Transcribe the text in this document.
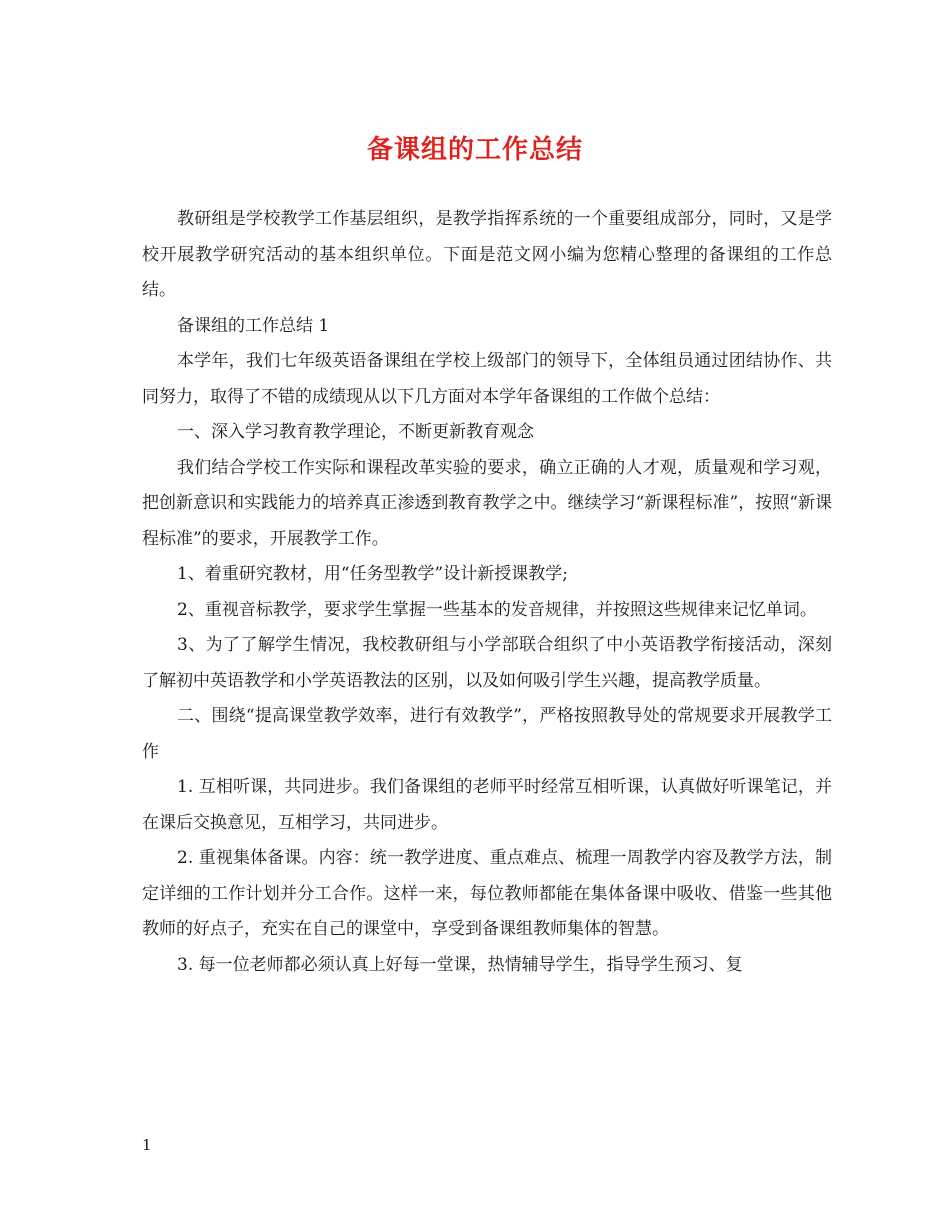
备课组的工作总结

教研组是学校教学工作基层组织，是教学指挥系统的一个重要组成部分，同时，又是学校开展教学研究活动的基本组织单位。下面是范文网小编为您精心整理的备课组的工作总结。

备课组的工作总结 1

本学年，我们七年级英语备课组在学校上级部门的领导下，全体组员通过团结协作、共同努力，取得了不错的成绩现从以下几方面对本学年备课组的工作做个总结：

一、深入学习教育教学理论，不断更新教育观念

我们结合学校工作实际和课程改革实验的要求，确立正确的人才观，质量观和学习观，把创新意识和实践能力的培养真正渗透到教育教学之中。继续学习“新课程标准”，按照“新课程标准”的要求，开展教学工作。

1、着重研究教材，用“任务型教学”设计新授课教学;

2、重视音标教学，要求学生掌握一些基本的发音规律，并按照这些规律来记忆单词。

3、为了了解学生情况，我校教研组与小学部联合组织了中小英语教学衔接活动，深刻了解初中英语教学和小学英语教法的区别，以及如何吸引学生兴趣，提高教学质量。

二、围绕“提高课堂教学效率，进行有效教学”，严格按照教导处的常规要求开展教学工作

1. 互相听课，共同进步。我们备课组的老师平时经常互相听课，认真做好听课笔记，并在课后交换意见，互相学习，共同进步。

2. 重视集体备课。内容：统一教学进度、重点难点、梳理一周教学内容及教学方法，制定详细的工作计划并分工合作。这样一来，每位教师都能在集体备课中吸收、借鉴一些其他教师的好点子，充实在自己的课堂中，享受到备课组教师集体的智慧。

3. 每一位老师都必须认真上好每一堂课，热情辅导学生，指导学生预习、复

1
